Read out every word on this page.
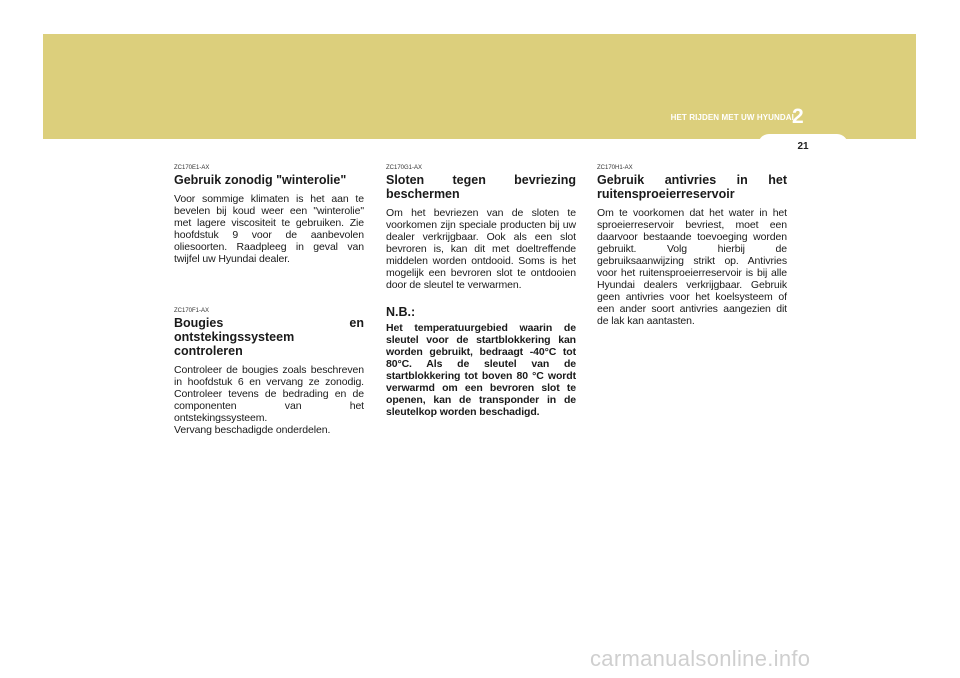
HET RIJDEN MET UW HYUNDAI
2
21

ZC170E1-AX

Gebruik zonodig "winterolie"

Voor sommige klimaten is het aan te bevelen bij koud weer een "winterolie" met lagere viscositeit te gebruiken. Zie hoofdstuk 9 voor de aanbevolen oliesoorten. Raadpleeg in geval van twijfel uw Hyundai dealer.

ZC170F1-AX

Bougies en ontstekingssysteem controleren

Controleer de bougies zoals beschreven in hoofdstuk 6 en vervang ze zonodig. Controleer tevens de bedrading en de componenten van het ontstekingssysteem.
Vervang beschadigde onderdelen.

ZC170G1-AX

Sloten tegen bevriezing beschermen

Om het bevriezen van de sloten te voorkomen zijn speciale producten bij uw dealer verkrijgbaar. Ook als een slot bevroren is, kan dit met doeltreffende middelen worden ontdooid. Soms is het mogelijk een bevroren slot te ontdooien door de sleutel te verwarmen.

N.B.:

Het temperatuurgebied waarin de sleutel voor de startblokkering kan worden gebruikt, bedraagt -40°C tot 80°C. Als de sleutel van de startblokkering tot boven 80 °C wordt verwarmd om een bevroren slot te openen, kan de transponder in de sleutelkop worden beschadigd.

ZC170H1-AX

Gebruik antivries in het ruitensproeierreservoir

Om te voorkomen dat het water in het sproeierreservoir bevriest, moet een daarvoor bestaande toevoeging worden gebruikt. Volg hierbij de gebruiksaanwijzing strikt op. Antivries voor het ruitensproeierreservoir is bij alle Hyundai dealers verkrijgbaar. Gebruik geen antivries voor het koelsysteem of een ander soort antivries aangezien dit de lak kan aantasten.

carmanualsonline.info
